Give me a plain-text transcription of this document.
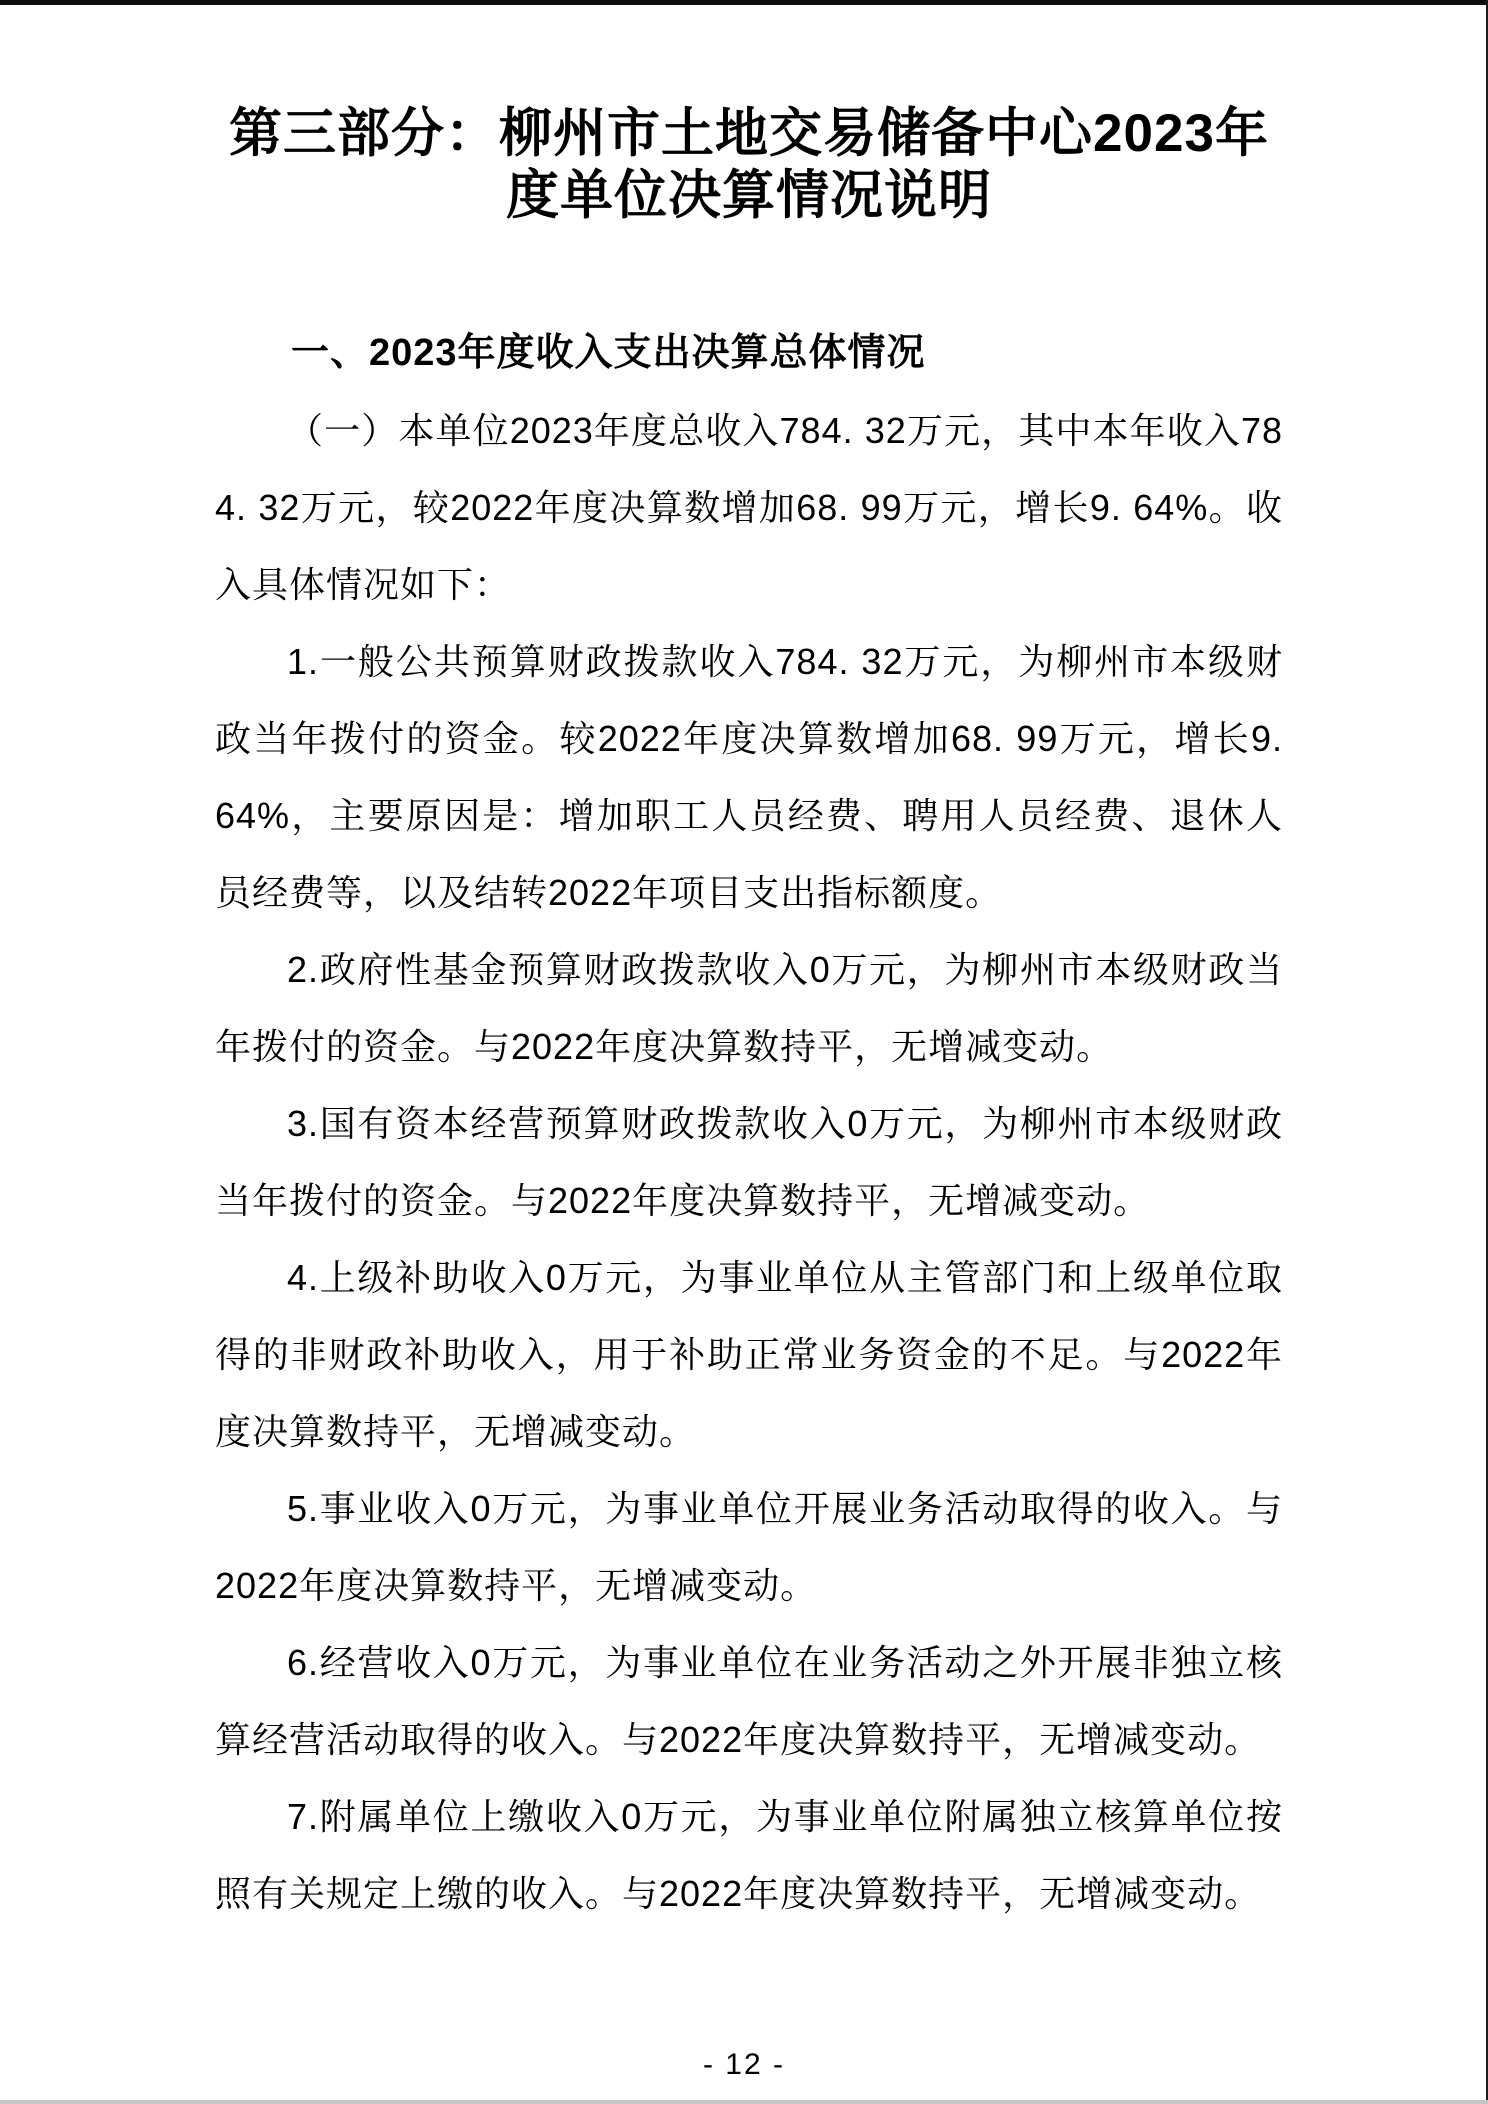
第三部分：柳州市土地交易储备中心2023年
度单位决算情况说明
一、2023年度收入支出决算总体情况

（一）本单位2023年度总收入784. 32万元，其中本年收入784. 32万元，较2022年度决算数增加68. 99万元，增长9. 64%。收入具体情况如下：

1.一般公共预算财政拨款收入784. 32万元，为柳州市本级财政当年拨付的资金。较2022年度决算数增加68. 99万元，增长9. 64%，主要原因是：增加职工人员经费、聘用人员经费、退休人员经费等，以及结转2022年项目支出指标额度。

2.政府性基金预算财政拨款收入0万元，为柳州市本级财政当年拨付的资金。与2022年度决算数持平，无增减变动。

3.国有资本经营预算财政拨款收入0万元，为柳州市本级财政当年拨付的资金。与2022年度决算数持平，无增减变动。

4.上级补助收入0万元，为事业单位从主管部门和上级单位取得的非财政补助收入，用于补助正常业务资金的不足。与2022年度决算数持平，无增减变动。

5.事业收入0万元，为事业单位开展业务活动取得的收入。与2022年度决算数持平，无增减变动。

6.经营收入0万元，为事业单位在业务活动之外开展非独立核算经营活动取得的收入。与2022年度决算数持平，无增减变动。

7.附属单位上缴收入0万元，为事业单位附属独立核算单位按照有关规定上缴的收入。与2022年度决算数持平，无增减变动。

- 12 -
